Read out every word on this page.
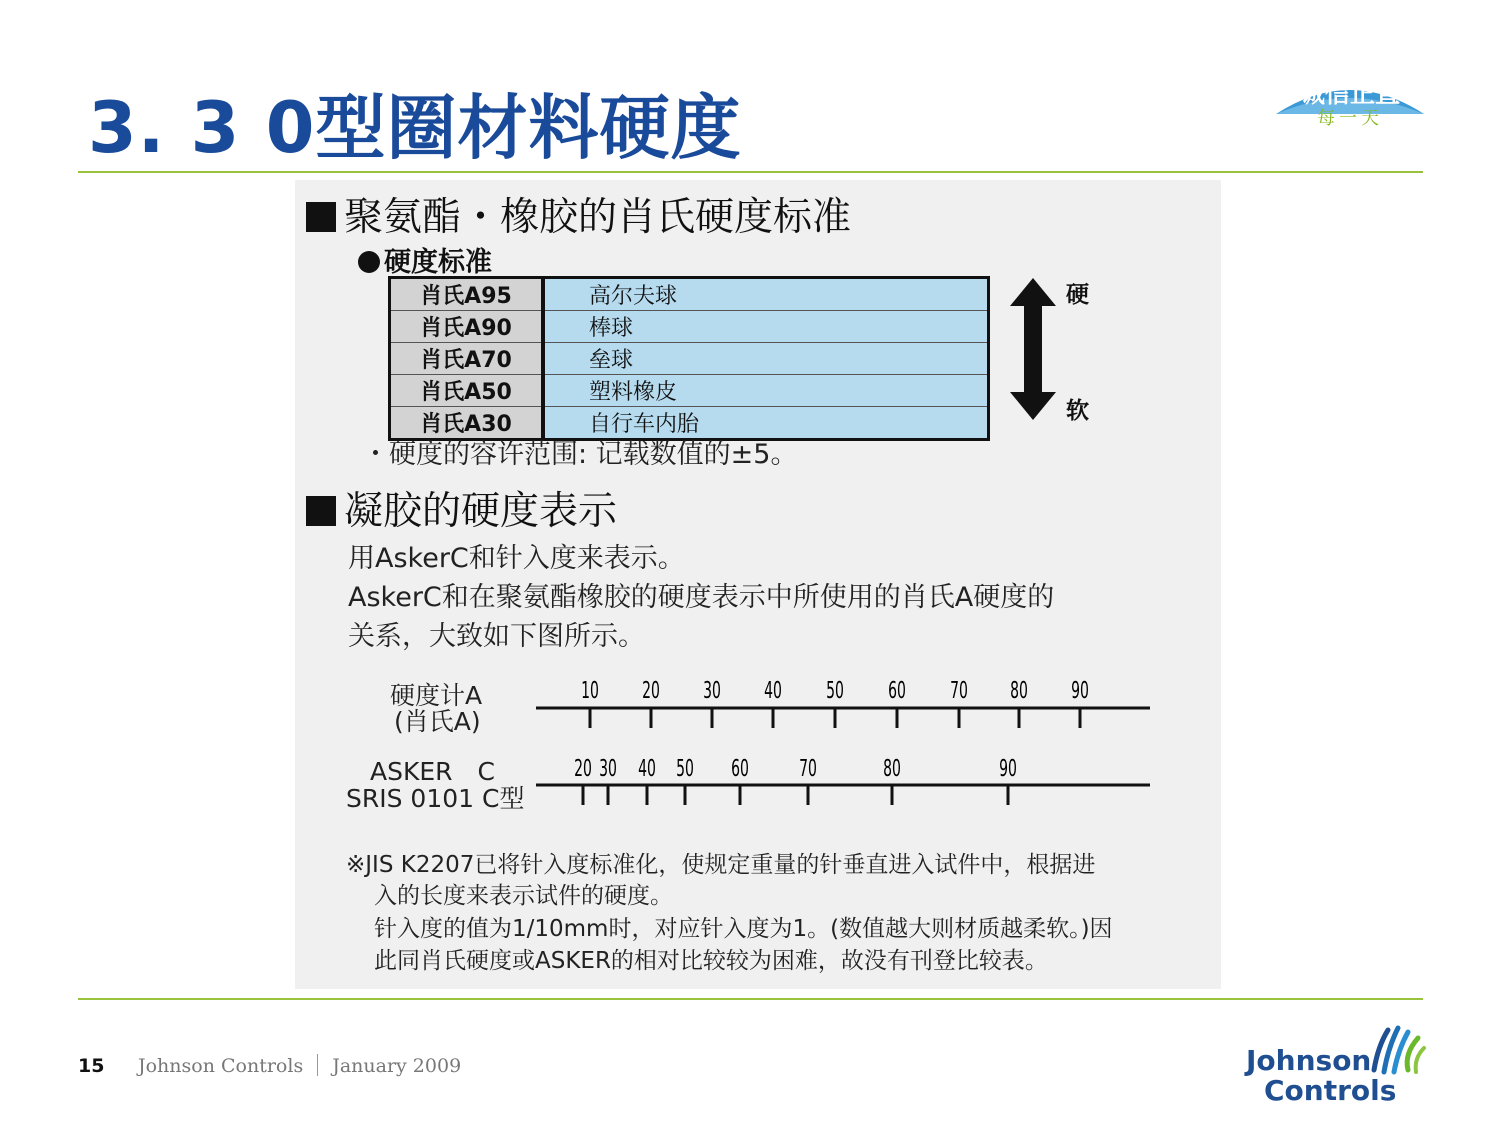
3. 3 0型圈材料硬度	诚信正直
每一天
聚氨酯・橡胶的肖氏硬度标准
硬度标准
肖氏A95	高尔夫球
肖氏A90	棒球
肖氏A70	垒球
肖氏A50	塑料橡皮
肖氏A30	自行车内胎
硬
软
・硬度的容许范围: 记载数值的±5。
凝胶的硬度表示
用AskerC和针入度来表示。
AskerC和在聚氨酯橡胶的硬度表示中所使用的肖氏A硬度的
关系，大致如下图所示。
硬度计A
(肖氏A)
ASKER　C
SRIS 0101 C型
10 20 30 40 50 60 70 80 90
20 30 40 50 60	70	80	90
※JIS K2207已将针入度标准化，使规定重量的针垂直进入试件中，根据进
入的长度来表示试件的硬度。
针入度的值为1/10mm时，对应针入度为1。(数值越大则材质越柔软。)因
此同肖氏硬度或ASKER的相对比较较为困难，故没有刊登比较表。
15 Johnson Controls January 2009	Johnson
Controls
